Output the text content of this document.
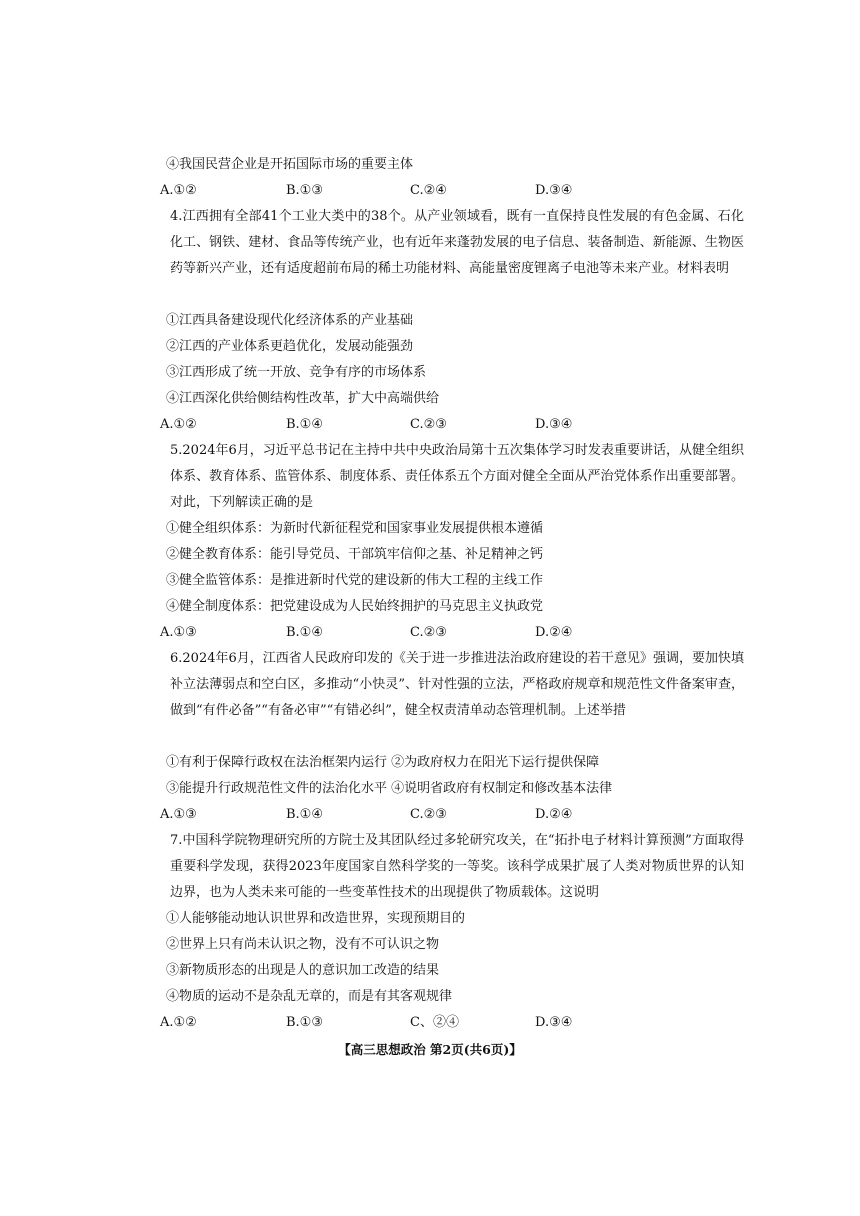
④我国民营企业是开拓国际市场的重要主体
A.①②	B.①③	C.②④	D.③④
4.江西拥有全部41个工业大类中的38个。从产业领域看，既有一直保持良性发展的有色金属、石化化工、钢铁、建材、食品等传统产业，也有近年来蓬勃发展的电子信息、装备制造、新能源、生物医药等新兴产业，还有适度超前布局的稀土功能材料、高能量密度锂离子电池等未来产业。材料表明
①江西具备建设现代化经济体系的产业基础
②江西的产业体系更趋优化，发展动能强劲
③江西形成了统一开放、竞争有序的市场体系
④江西深化供给侧结构性改革，扩大中高端供给
A.①②	B.①④	C.②③	D.③④
5.2024年6月，习近平总书记在主持中共中央政治局第十五次集体学习时发表重要讲话，从健全组织体系、教育体系、监管体系、制度体系、责任体系五个方面对健全全面从严治党体系作出重要部署。对此，下列解读正确的是
①健全组织体系：为新时代新征程党和国家事业发展提供根本遵循
②健全教育体系：能引导党员、干部筑牢信仰之基、补足精神之钙
③健全监管体系：是推进新时代党的建设新的伟大工程的主线工作
④健全制度体系：把党建设成为人民始终拥护的马克思主义执政党
A.①③	B.①④	C.②③	D.②④
6.2024年6月，江西省人民政府印发的《关于进一步推进法治政府建设的若干意见》强调，要加快填补立法薄弱点和空白区，多推动“小快灵”、针对性强的立法，严格政府规章和规范性文件备案审查，做到“有件必备”“有备必审”“有错必纠”，健全权责清单动态管理机制。上述举措
①有利于保障行政权在法治框架内运行 ②为政府权力在阳光下运行提供保障
③能提升行政规范性文件的法治化水平 ④说明省政府有权制定和修改基本法律
A.①③	B.①④	C.②③	D.②④
7.中国科学院物理研究所的方院士及其团队经过多轮研究攻关，在“拓扑电子材料计算预测”方面取得重要科学发现，获得2023年度国家自然科学奖的一等奖。该科学成果扩展了人类对物质世界的认知边界，也为人类未来可能的一些变革性技术的出现提供了物质载体。这说明
①人能够能动地认识世界和改造世界，实现预期目的
②世界上只有尚未认识之物，没有不可认识之物
③新物质形态的出现是人的意识加工改造的结果
④物质的运动不是杂乱无章的，而是有其客观规律
A.①②	B.①③	C、②④	D.③④
【高三思想政治 第2页(共6页)】
